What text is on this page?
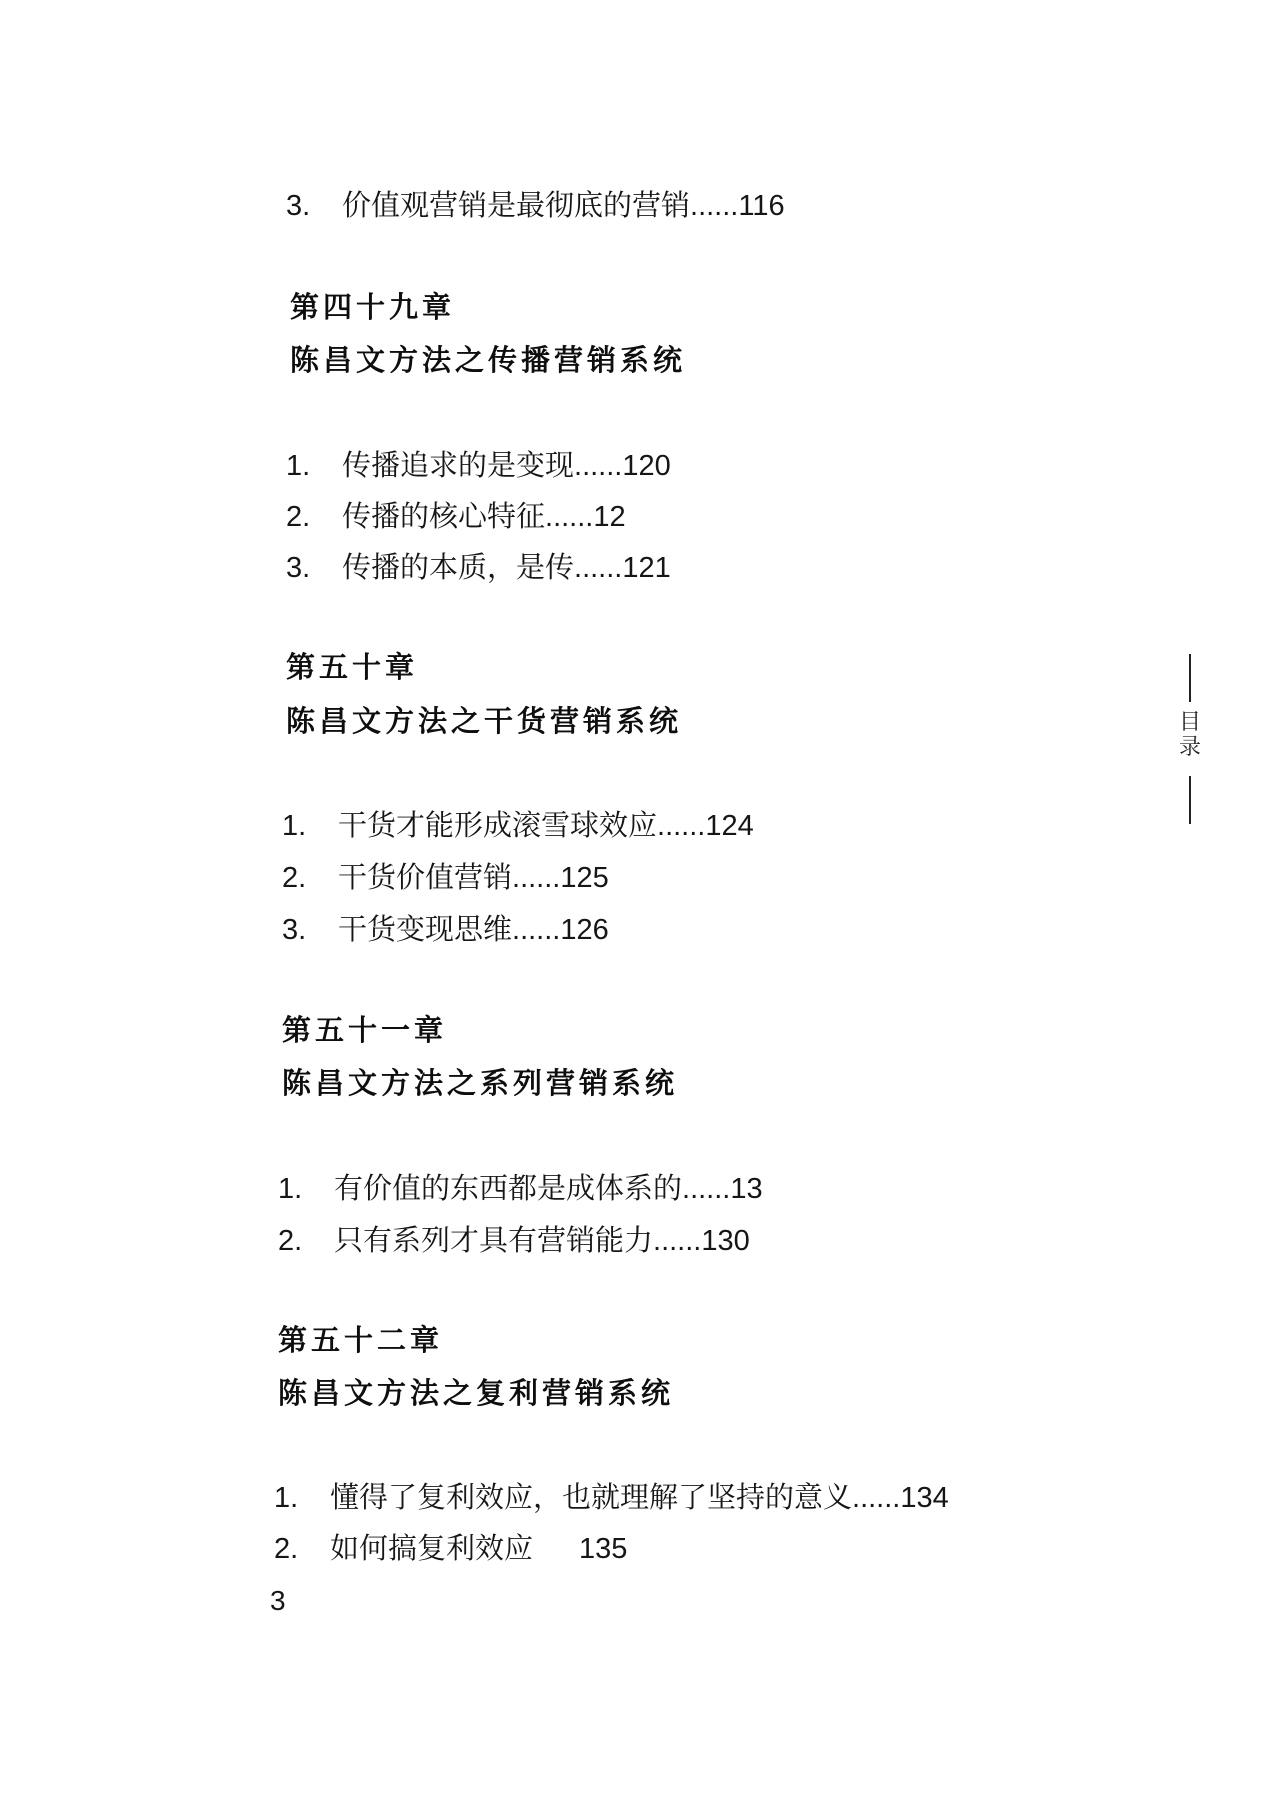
3. 价值观营销是最彻底的营销......116
第四十九章
陈昌文方法之传播营销系统
1. 传播追求的是变现......120
2. 传播的核心特征......12
3. 传播的本质，是传......121
第五十章
陈昌文方法之干货营销系统
1. 干货才能形成滚雪球效应......124
2. 干货价值营销......125
3. 干货变现思维......126
第五十一章
陈昌文方法之系列营销系统
1. 有价值的东西都是成体系的......13
2. 只有系列才具有营销能力......130
第五十二章
陈昌文方法之复利营销系统
1. 懂得了复利效应，也就理解了坚持的意义......134
2. 如何搞复利效应 135
目录
3
